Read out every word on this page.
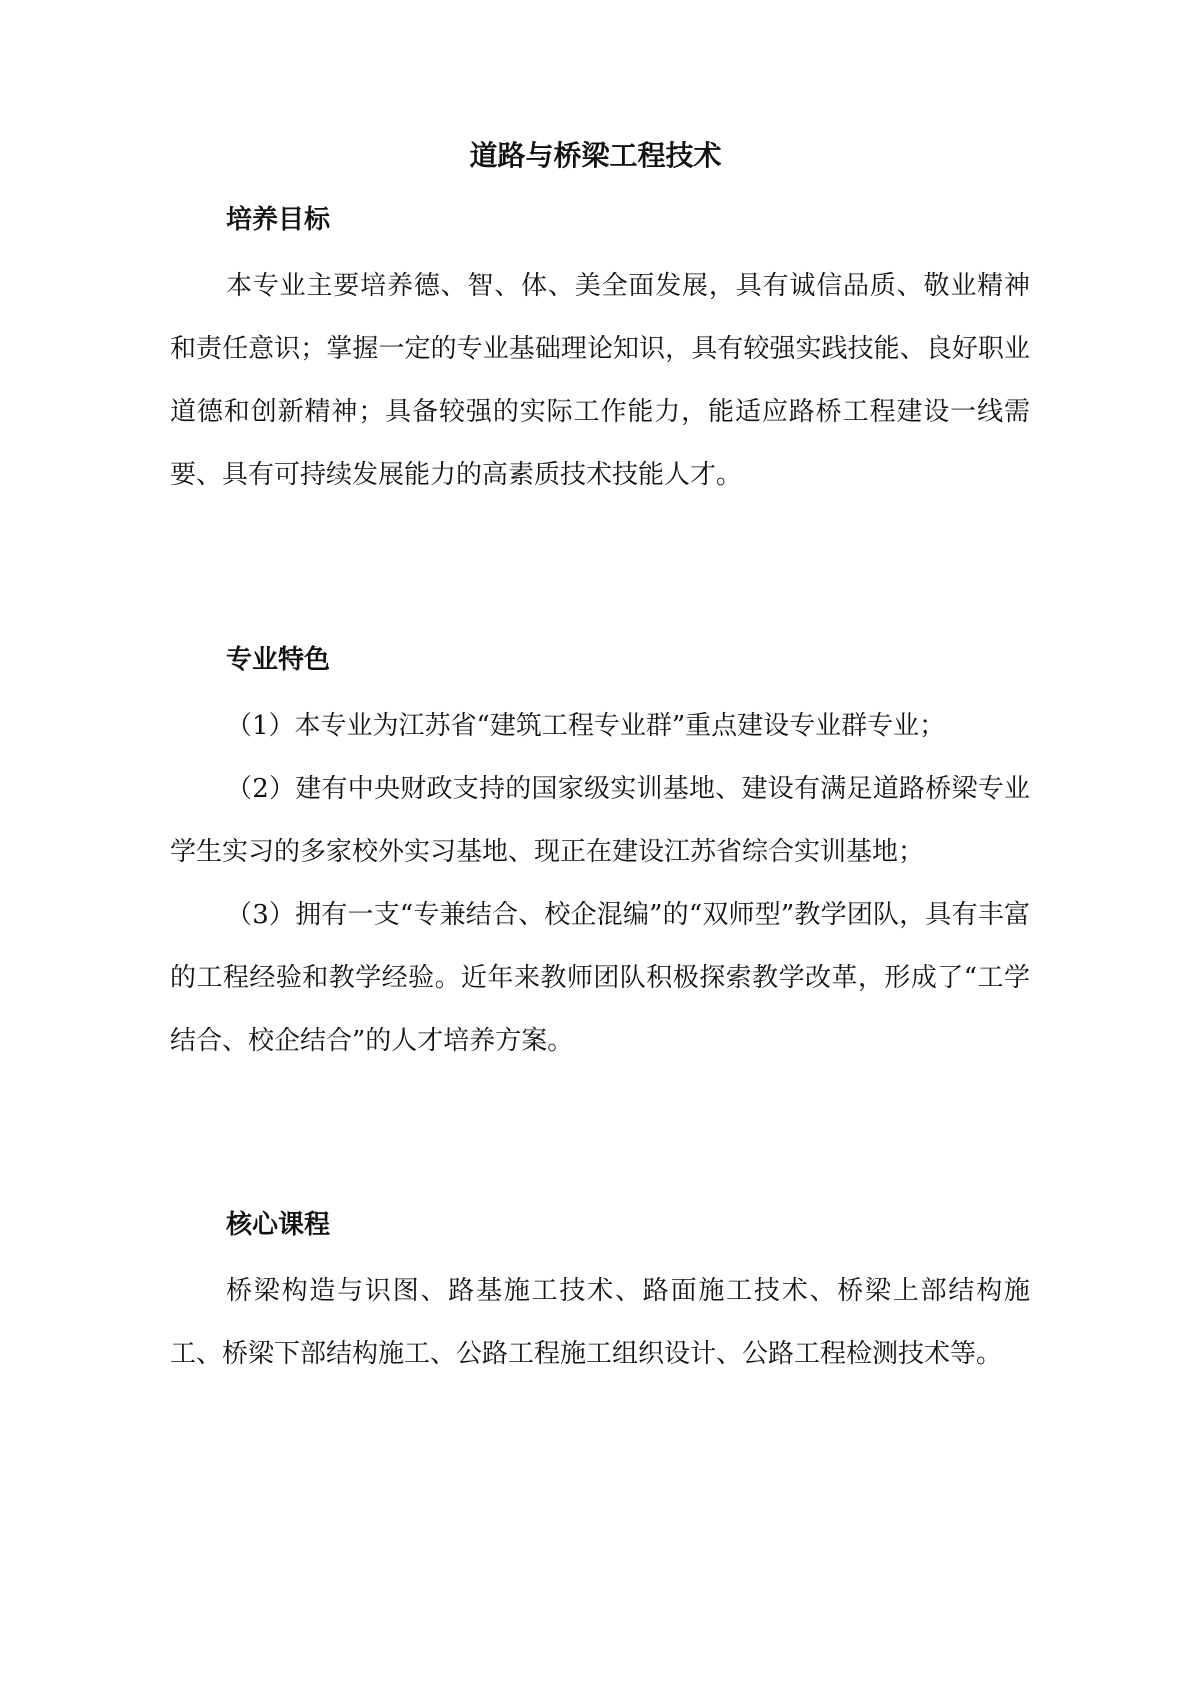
道路与桥梁工程技术
培养目标

本专业主要培养德、智、体、美全面发展，具有诚信品质、敬业精神和责任意识；掌握一定的专业基础理论知识，具有较强实践技能、良好职业道德和创新精神；具备较强的实际工作能力，能适应路桥工程建设一线需要、具有可持续发展能力的高素质技术技能人才。

专业特色

（1）本专业为江苏省“建筑工程专业群”重点建设专业群专业；

（2）建有中央财政支持的国家级实训基地、建设有满足道路桥梁专业学生实习的多家校外实习基地、现正在建设江苏省综合实训基地；

（3）拥有一支“专兼结合、校企混编”的“双师型”教学团队，具有丰富的工程经验和教学经验。近年来教师团队积极探索教学改革，形成了“工学结合、校企结合”的人才培养方案。

核心课程

桥梁构造与识图、路基施工技术、路面施工技术、桥梁上部结构施工、桥梁下部结构施工、公路工程施工组织设计、公路工程检测技术等。
